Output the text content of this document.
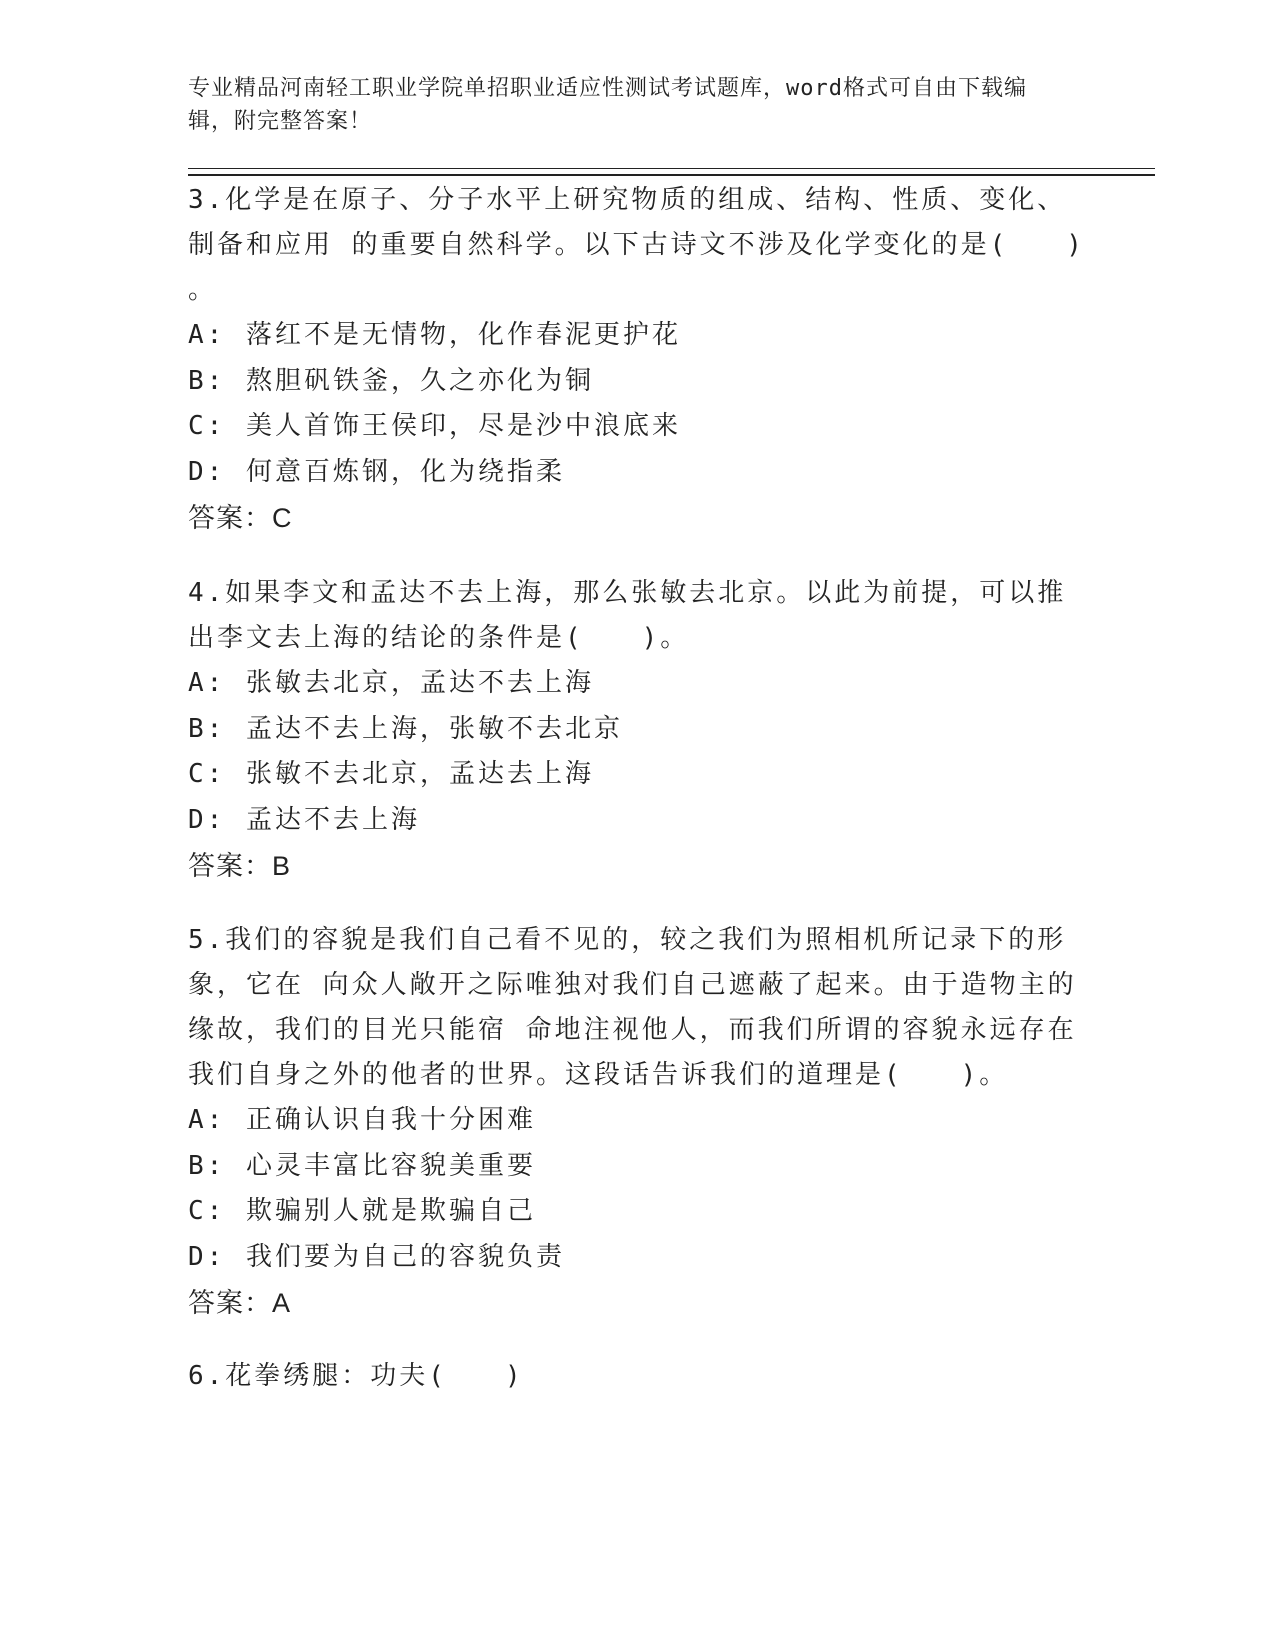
专业精品河南轻工职业学院单招职业适应性测试考试题库，word格式可自由下载编辑，附完整答案！

3.化学是在原子、分子水平上研究物质的组成、结构、性质、变化、制备和应用 的重要自然科学。以下古诗文不涉及化学变化的是(　　)
。

A: 落红不是无情物，化作春泥更护花
B: 熬胆矾铁釜，久之亦化为铜
C: 美人首饰王侯印，尽是沙中浪底来
D: 何意百炼钢，化为绕指柔

答案：C

4.如果李文和孟达不去上海，那么张敏去北京。以此为前提，可以推出李文去上海的结论的条件是(　　)。

A: 张敏去北京，孟达不去上海
B: 孟达不去上海，张敏不去北京
C: 张敏不去北京，孟达去上海
D: 孟达不去上海

答案：B

5.我们的容貌是我们自己看不见的，较之我们为照相机所记录下的形象，它在 向众人敞开之际唯独对我们自己遮蔽了起来。由于造物主的缘故，我们的目光只能宿 命地注视他人，而我们所谓的容貌永远存在我们自身之外的他者的世界。这段话告诉我们的道理是(　　)。

A: 正确认识自我十分困难
B: 心灵丰富比容貌美重要
C: 欺骗别人就是欺骗自己
D: 我们要为自己的容貌负责

答案：A

6.花拳绣腿：功夫(　　)
